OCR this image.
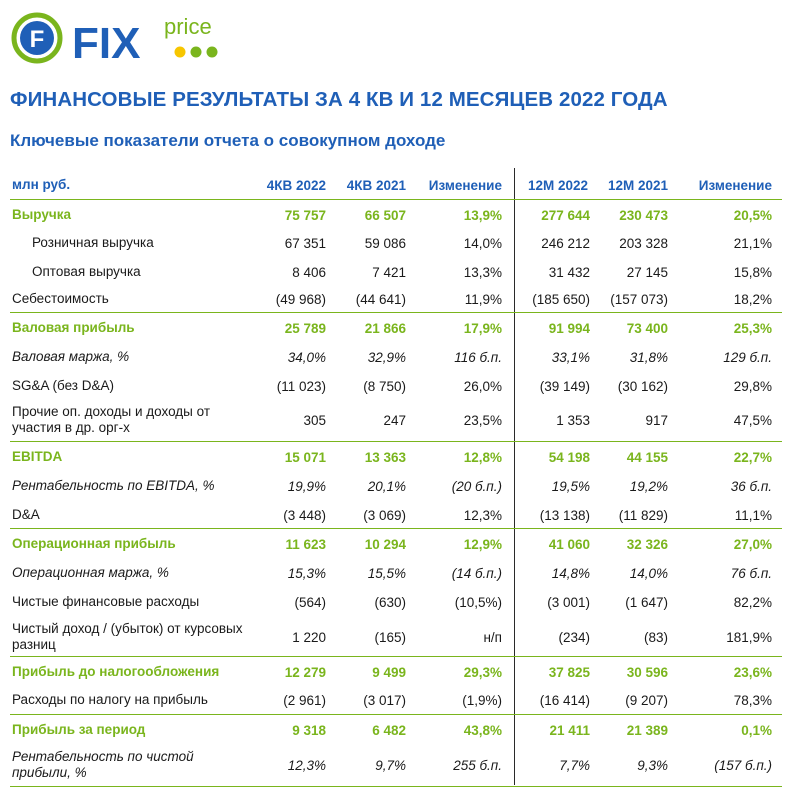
F FIX price
ФИНАНСОВЫЕ РЕЗУЛЬТАТЫ ЗА 4 КВ И 12 МЕСЯЦЕВ 2022 ГОДА
Ключевые показатели отчета о совокупном доходе
млн руб.	4КВ 2022	4КВ 2021	Изменение	12М 2022	12М 2021	Изменение
Выручка	75 757	66 507	13,9%	277 644	230 473	20,5%
Розничная выручка	67 351	59 086	14,0%	246 212	203 328	21,1%
Оптовая выручка	8 406	7 421	13,3%	31 432	27 145	15,8%
Себестоимость	(49 968)	(44 641)	11,9%	(185 650)	(157 073)	18,2%
Валовая прибыль	25 789	21 866	17,9%	91 994	73 400	25,3%
Валовая маржа, %	34,0%	32,9%	116 б.п.	33,1%	31,8%	129 б.п.
SG&A (без D&A)	(11 023)	(8 750)	26,0%	(39 149)	(30 162)	29,8%
Прочие оп. доходы и доходы от участия в др. орг-х	305	247	23,5%	1 353	917	47,5%
EBITDA	15 071	13 363	12,8%	54 198	44 155	22,7%
Рентабельность по EBITDA, %	19,9%	20,1%	(20 б.п.)	19,5%	19,2%	36 б.п.
D&A	(3 448)	(3 069)	12,3%	(13 138)	(11 829)	11,1%
Операционная прибыль	11 623	10 294	12,9%	41 060	32 326	27,0%
Операционная маржа, %	15,3%	15,5%	(14 б.п.)	14,8%	14,0%	76 б.п.
Чистые финансовые расходы	(564)	(630)	(10,5%)	(3 001)	(1 647)	82,2%
Чистый доход / (убыток) от курсовых разниц	1 220	(165)	н/п	(234)	(83)	181,9%
Прибыль до налогообложения	12 279	9 499	29,3%	37 825	30 596	23,6%
Расходы по налогу на прибыль	(2 961)	(3 017)	(1,9%)	(16 414)	(9 207)	78,3%
Прибыль за период	9 318	6 482	43,8%	21 411	21 389	0,1%
Рентабельность по чистой прибыли, %	12,3%	9,7%	255 б.п.	7,7%	9,3%	(157 б.п.)
